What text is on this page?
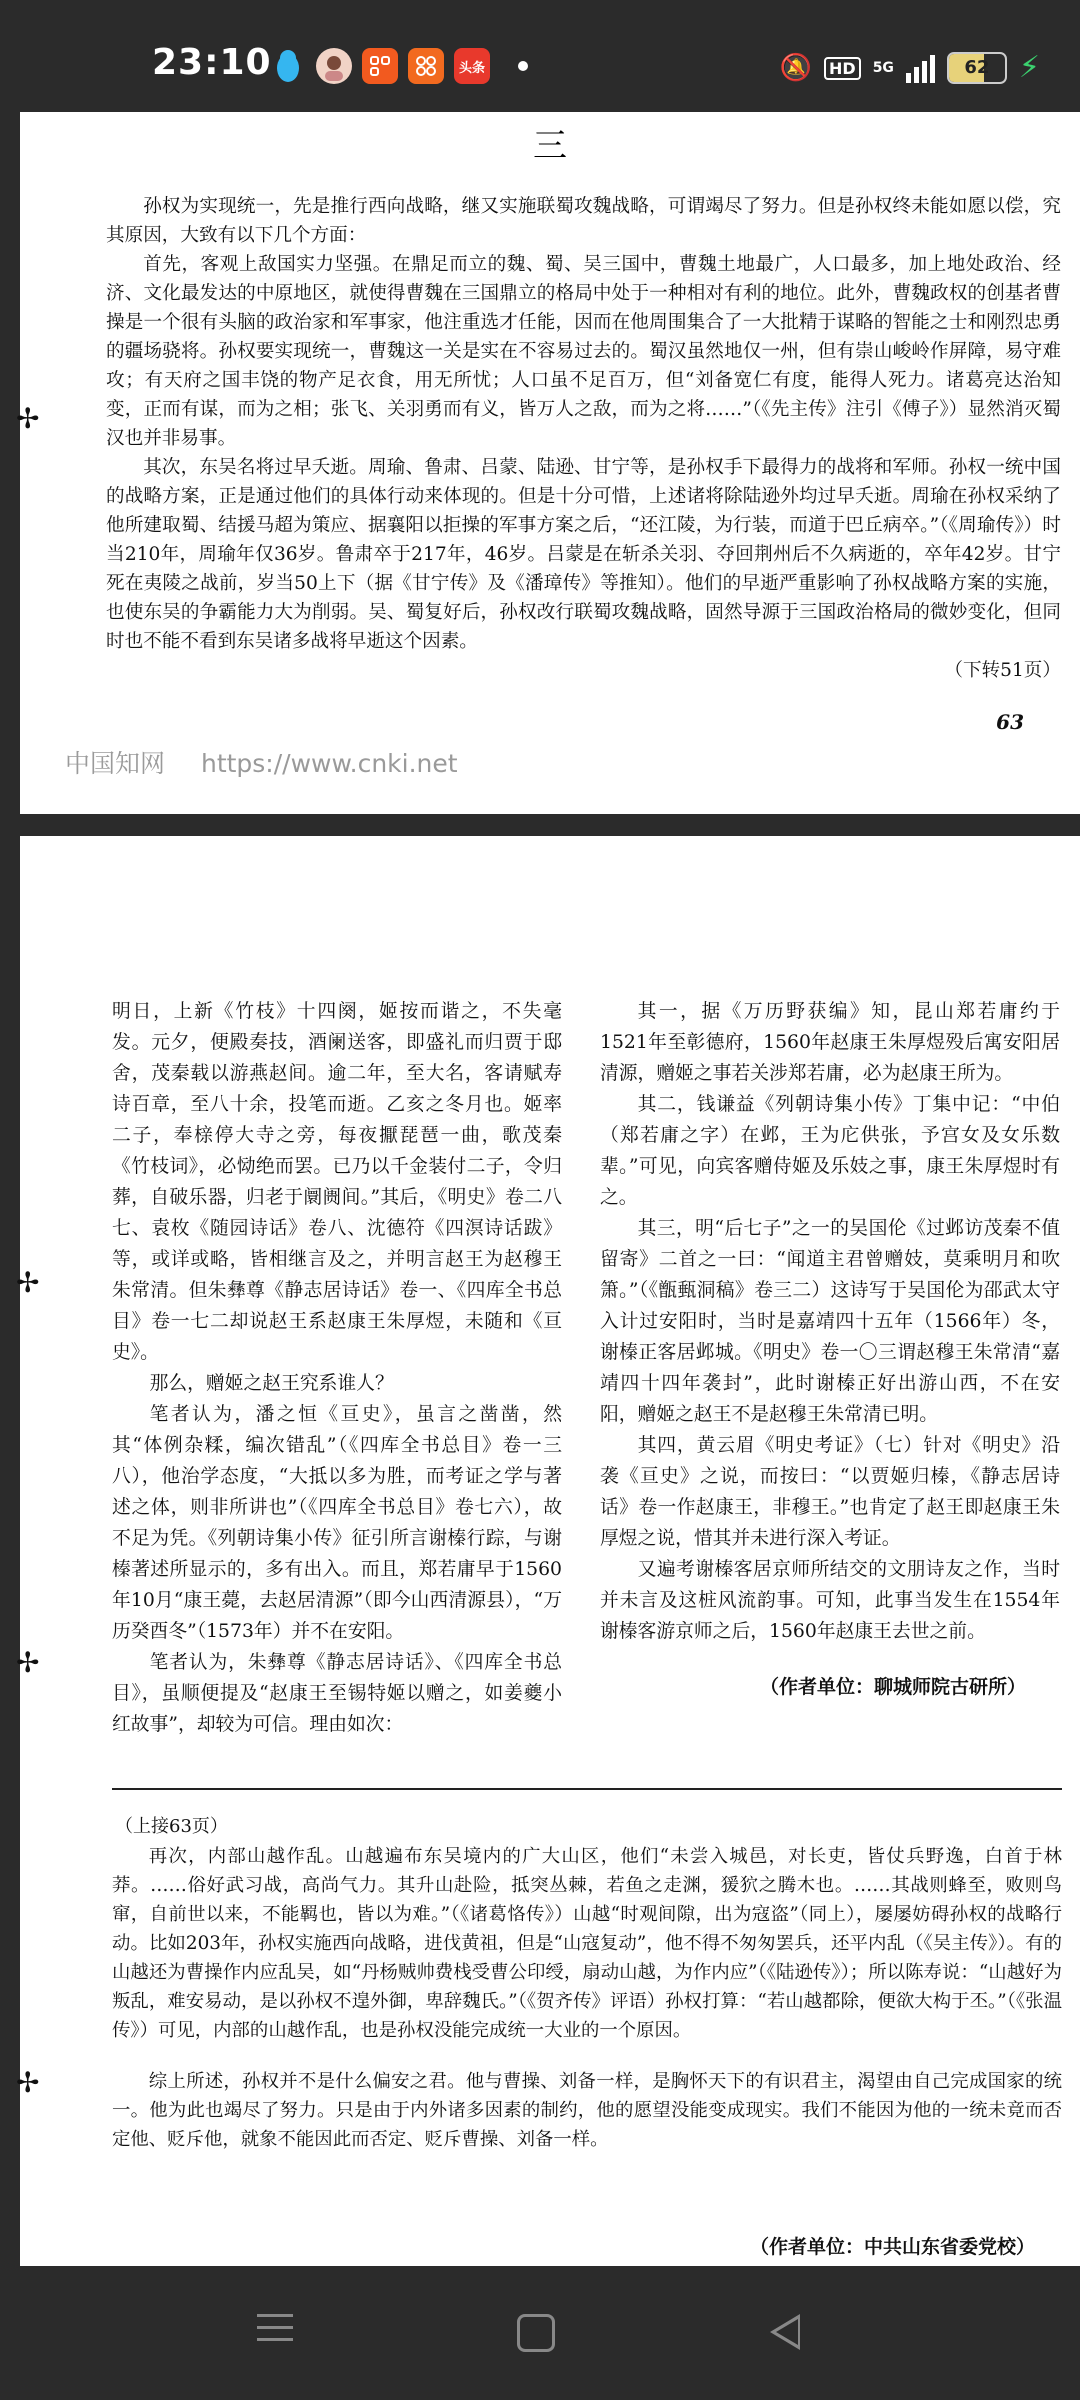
23:10	头条	🔕	HD	5G	62 ⚡
三

孙权为实现统一，先是推行西向战略，继又实施联蜀攻魏战略，可谓竭尽了努力。但是孙权终未能如愿以偿，究其原因，大致有以下几个方面：

首先，客观上敌国实力坚强。在鼎足而立的魏、蜀、吴三国中，曹魏土地最广，人口最多，加上地处政治、经济、文化最发达的中原地区，就使得曹魏在三国鼎立的格局中处于一种相对有利的地位。此外，曹魏政权的创基者曹操是一个很有头脑的政治家和军事家，他注重选才任能，因而在他周围集合了一大批精于谋略的智能之士和刚烈忠勇的疆场骁将。孙权要实现统一，曹魏这一关是实在不容易过去的。蜀汉虽然地仅一州，但有崇山峻岭作屏障，易守难攻；有天府之国丰饶的物产足衣食，用无所忧；人口虽不足百万，但“刘备宽仁有度，能得人死力。诸葛亮达治知变，正而有谋，而为之相；张飞、关羽勇而有义，皆万人之敌，而为之将……”（《先主传》注引《傅子》）显然消灭蜀汉也并非易事。

其次，东吴名将过早夭逝。周瑜、鲁肃、吕蒙、陆逊、甘宁等，是孙权手下最得力的战将和军师。孙权一统中国的战略方案，正是通过他们的具体行动来体现的。但是十分可惜，上述诸将除陆逊外均过早夭逝。周瑜在孙权采纳了他所建取蜀、结援马超为策应、据襄阳以拒操的军事方案之后，“还江陵，为行装，而道于巴丘病卒。”（《周瑜传》）时当210年，周瑜年仅36岁。鲁肃卒于217年，46岁。吕蒙是在斩杀关羽、夺回荆州后不久病逝的，卒年42岁。甘宁死在夷陵之战前，岁当50上下（据《甘宁传》及《潘璋传》等推知）。他们的早逝严重影响了孙权战略方案的实施，也使东吴的争霸能力大为削弱。吴、蜀复好后，孙权改行联蜀攻魏战略，固然导源于三国政治格局的微妙变化，但同时也不能不看到东吴诸多战将早逝这个因素。

（下转51页）

63
中国知网 https://www.cnki.net
✢

明日，上新《竹枝》十四阕，姬按而谐之，不失毫发。元夕，便殿奏技，酒阑送客，即盛礼而归贾于邸舍，茂秦载以游燕赵间。逾二年，至大名，客请赋寿诗百章，至八十余，投笔而逝。乙亥之冬月也。姬率二子，奉榇停大寺之旁，每夜擫琵琶一曲，歌茂秦《竹枝词》，必恸绝而罢。已乃以千金装付二子，令归葬，自破乐器，归老于阛阓间。”其后，《明史》卷二八七、袁枚《随园诗话》卷八、沈德符《四溟诗话跋》等，或详或略，皆相继言及之，并明言赵王为赵穆王朱常清。但朱彝尊《静志居诗话》卷一、《四库全书总目》卷一七二却说赵王系赵康王朱厚煜，未随和《亘史》。

那么，赠姬之赵王究系谁人？

笔者认为，潘之恒《亘史》，虽言之凿凿，然其“体例杂糅，编次错乱”（《四库全书总目》卷一三八），他治学态度，“大抵以多为胜，而考证之学与著述之体，则非所讲也”（《四库全书总目》卷七六），故不足为凭。《列朝诗集小传》征引所言谢榛行踪，与谢榛著述所显示的，多有出入。而且，郑若庸早于1560年10月“康王薨，去赵居清源”（即今山西清源县），“万历癸酉冬”（1573年）并不在安阳。

笔者认为，朱彝尊《静志居诗话》、《四库全书总目》，虽顺便提及“赵康王至锡特姬以赠之，如姜夔小红故事”，却较为可信。理由如次：

其一，据《万历野获编》知，昆山郑若庸约于1521年至彰德府，1560年赵康王朱厚煜殁后寓安阳居清源，赠姬之事若关涉郑若庸，必为赵康王所为。

其二，钱谦益《列朝诗集小传》丁集中记：“中伯（郑若庸之字）在邺，王为庀供张，予宫女及女乐数辈。”可见，向宾客赠侍姬及乐妓之事，康王朱厚煜时有之。

其三，明“后七子”之一的吴国伦《过邺访茂秦不值留寄》二首之一曰：“闻道主君曾赠妓，莫乘明月和吹箫。”（《甑甀洞稿》卷三二）这诗写于吴国伦为邵武太守入计过安阳时，当时是嘉靖四十五年（1566年）冬，谢榛正客居邺城。《明史》卷一〇三谓赵穆王朱常清“嘉靖四十四年袭封”，此时谢榛正好出游山西，不在安阳，赠姬之赵王不是赵穆王朱常清已明。

其四，黄云眉《明史考证》（七）针对《明史》沿袭《亘史》之说，而按曰：“以贾姬归榛，《静志居诗话》卷一作赵康王，非穆王。”也肯定了赵王即赵康王朱厚煜之说，惜其并未进行深入考证。

又遍考谢榛客居京师所结交的文朋诗友之作，当时并未言及这桩风流韵事。可知，此事当发生在1554年谢榛客游京师之后，1560年赵康王去世之前。

（作者单位：聊城师院古研所）
✢
✢
（上接63页）

再次，内部山越作乱。山越遍布东吴境内的广大山区，他们“未尝入城邑，对长吏，皆仗兵野逸，白首于林莽。……俗好武习战，高尚气力。其升山赴险，抵突丛棘，若鱼之走渊，猨狖之腾木也。……其战则蜂至，败则鸟窜，自前世以来，不能羁也，皆以为难。”（《诸葛恪传》）山越“时观间隙，出为寇盗”（同上），屡屡妨碍孙权的战略行动。比如203年，孙权实施西向战略，进伐黄祖，但是“山寇复动”，他不得不匆匆罢兵，还平内乱（《吴主传》）。有的山越还为曹操作内应乱吴，如“丹杨贼帅费栈受曹公印绶，扇动山越，为作内应”（《陆逊传》）；所以陈寿说：“山越好为叛乱，难安易动，是以孙权不遑外御，卑辞魏氏。”（《贺齐传》评语）孙权打算：“若山越都除，便欲大构于丕。”（《张温传》）可见，内部的山越作乱，也是孙权没能完成统一大业的一个原因。

综上所述，孙权并不是什么偏安之君。他与曹操、刘备一样，是胸怀天下的有识君主，渴望由自己完成国家的统一。他为此也竭尽了努力。只是由于内外诸多因素的制约，他的愿望没能变成现实。我们不能因为他的一统未竟而否定他、贬斥他，就象不能因此而否定、贬斥曹操、刘备一样。

✢
（作者单位：中共山东省委党校）
